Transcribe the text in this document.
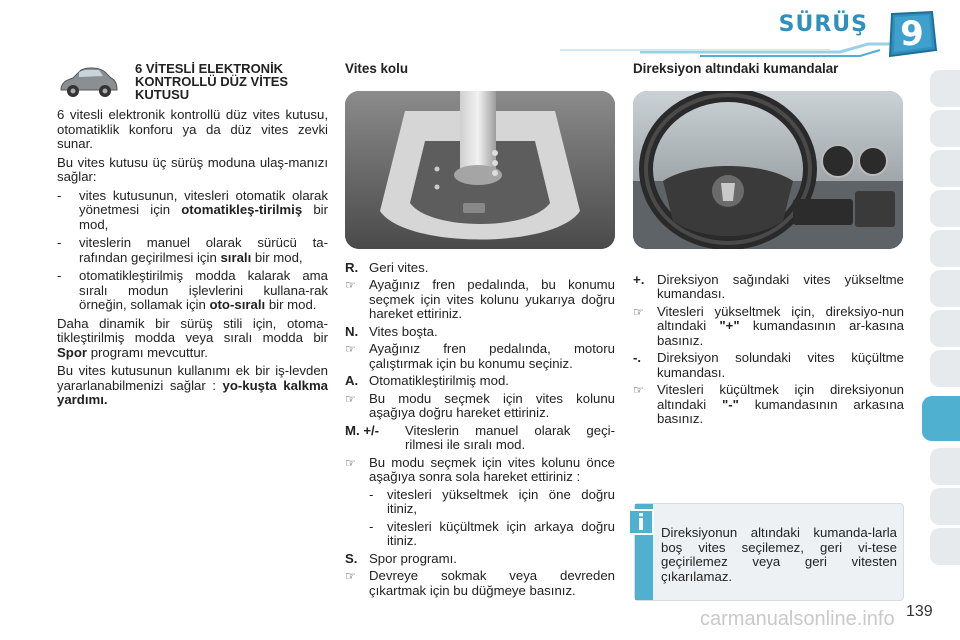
SÜRÜŞ 9
6 VİTESLİ ELEKTRONİK KONTROLLÜ DÜZ VİTES KUTUSU

6 vitesli elektronik kontrollü düz vites kutusu, otomatiklik konforu ya da düz vites zevki sunar.

Bu vites kutusu üç sürüş moduna ulaş-manızı sağlar:

-	vites kutusunun, vitesleri otomatik olarak yönetmesi için otomatikleş-tirilmiş bir mod,
-	viteslerin manuel olarak sürücü ta-rafından geçirilmesi için sıralı bir mod,
-	otomatikleştirilmiş modda kalarak ama sıralı modun işlevlerini kullana-rak örneğin, sollamak için oto-sıralı bir mod.

Daha dinamik bir sürüş stili için, otoma-tikleştirilmiş modda veya sıralı modda bir Spor programı mevcuttur.

Bu vites kutusunun kullanımı ek bir iş-levden yararlanabilmenizi sağlar : yo-kuşta kalkma yardımı.

Vites kolu
R. Geri vites.
☞	Ayağınız fren pedalında, bu konumu seçmek için vites kolunu yukarıya doğru hareket ettiriniz.
N. Vites boşta.
☞	Ayağınız fren pedalında, motoru çalıştırmak için bu konumu seçiniz.
A. Otomatikleştirilmiş mod.
☞	Bu modu seçmek için vites kolunu aşağıya doğru hareket ettiriniz.
M. +/-	Viteslerin manuel olarak geçi-rilmesi ile sıralı mod.
☞	Bu modu seçmek için vites kolunu önce aşağıya sonra sola hareket ettiriniz :
-	vitesleri yükseltmek için öne doğru itiniz,
-	vitesleri küçültmek için arkaya doğru itiniz.
S. Spor programı.
☞	Devreye sokmak veya devreden çıkartmak için bu düğmeye basınız.
Direksiyon altındaki kumandalar
+. Direksiyon sağındaki vites yükseltme kumandası.
☞	Vitesleri yükseltmek için, direksiyo-nun altındaki "+" kumandasının ar-kasına basınız.
-.	Direksiyon solundaki vites küçültme kumandası.
☞	Vitesleri küçültmek için direksiyonun altındaki "-" kumandasının arkasına basınız.
i	Direksiyonun altındaki kumanda-larla boş vites seçilemez, geri vi-tese geçirilemez veya geri vitesten çıkarılamaz.
carmanualsonline.info 139
